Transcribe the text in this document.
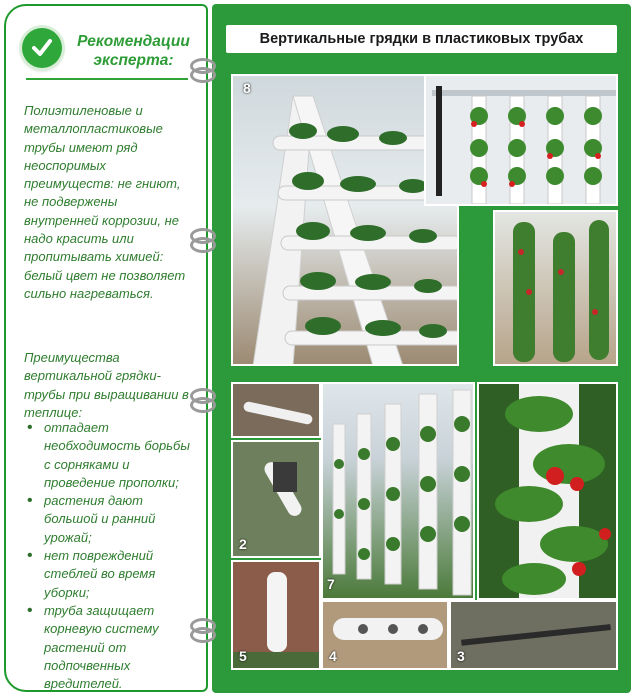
Рекомендации
эксперта:
Полиэтиленовые и металлопластиковые трубы имеют ряд неоспоримых преимуществ: не гниют, не подвержены внутренней коррозии, не надо красить или пропитывать химией: белый цвет не позволяет сильно нагреваться.
Преимущества вертикальной грядки-трубы при выращивании в теплице:
• отпадает необходимость борьбы с сорняками и проведение прополки;
• растения дают большой и ранний урожай;
• нет повреждений стеблей во время уборки;
• труба защищает корневую систему растений от подпочвенных вредителей.
Вертикальные грядки в пластиковых трубах
8
2
5	4	3
7
